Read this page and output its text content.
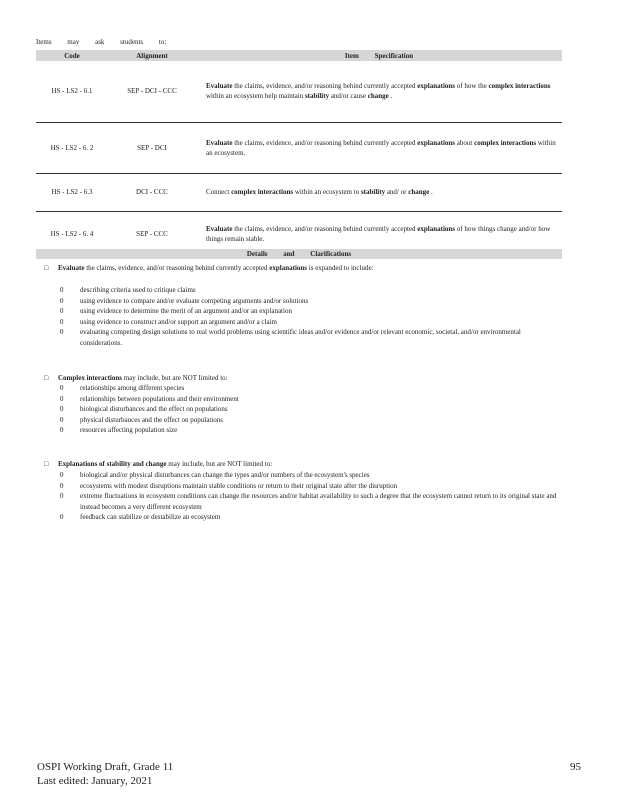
Items may ask students to:
Code	Alignment	Item Specification
HS - LS2 - 6.1	SEP - DCI - CCC	Evaluate the claims, evidence, and/or reasoning behind currently accepted explanations of how the complex interactions within an ecosystem help maintain stability and/or cause change .
HS - LS2 - 6. 2	SEP - DCI	Evaluate the claims, evidence, and/or reasoning behind currently accepted explanations about complex interactions within an ecosystem.
HS - LS2 - 6.3	DCI - CCC	Connect complex interactions within an ecosystem to stability and/ or change .
HS - LS2 - 6. 4	SEP - CCC	Evaluate the claims, evidence, and/or reasoning behind currently accepted explanations of how things change and/or how things remain stable.
Details and Clarifications
□ Evaluate the claims, evidence, and/or reasoning behind currently accepted explanations is expanded to include:
0	describing criteria used to critique claims
0	using evidence to compare and/or evaluate competing arguments and/or solutions
0	using evidence to determine the merit of an argument and/or an explanation
0	using evidence to construct and/or support an argument and/or a claim
0	evaluating competing design solutions to real world problems using scientific ideas and/or evidence and/or relevant economic, societal, and/or environmental considerations.
□ Complex interactions may include, but are NOT limited to:
0	relationships among different species
0	relationships between populations and their environment
0	biological disturbances and the effect on populations
0	physical disturbances and the effect on populations
0	resources affecting population size
□ Explanations of stability and change may include, but are NOT limited to:
0	biological and/or physical disturbances can change the types and/or numbers of the ecosystem's species
0	ecosystems with modest disruptions maintain stable conditions or return to their original state after the disruption
0	extreme fluctuations in ecosystem conditions can change the resources and/or habitat availability to such a degree that the ecosystem cannot return to its original state and instead becomes a very different ecosystem
0	feedback can stabilize or destabilize an ecosystem
OSPI Working Draft, Grade 11
Last edited: January, 2021
95
